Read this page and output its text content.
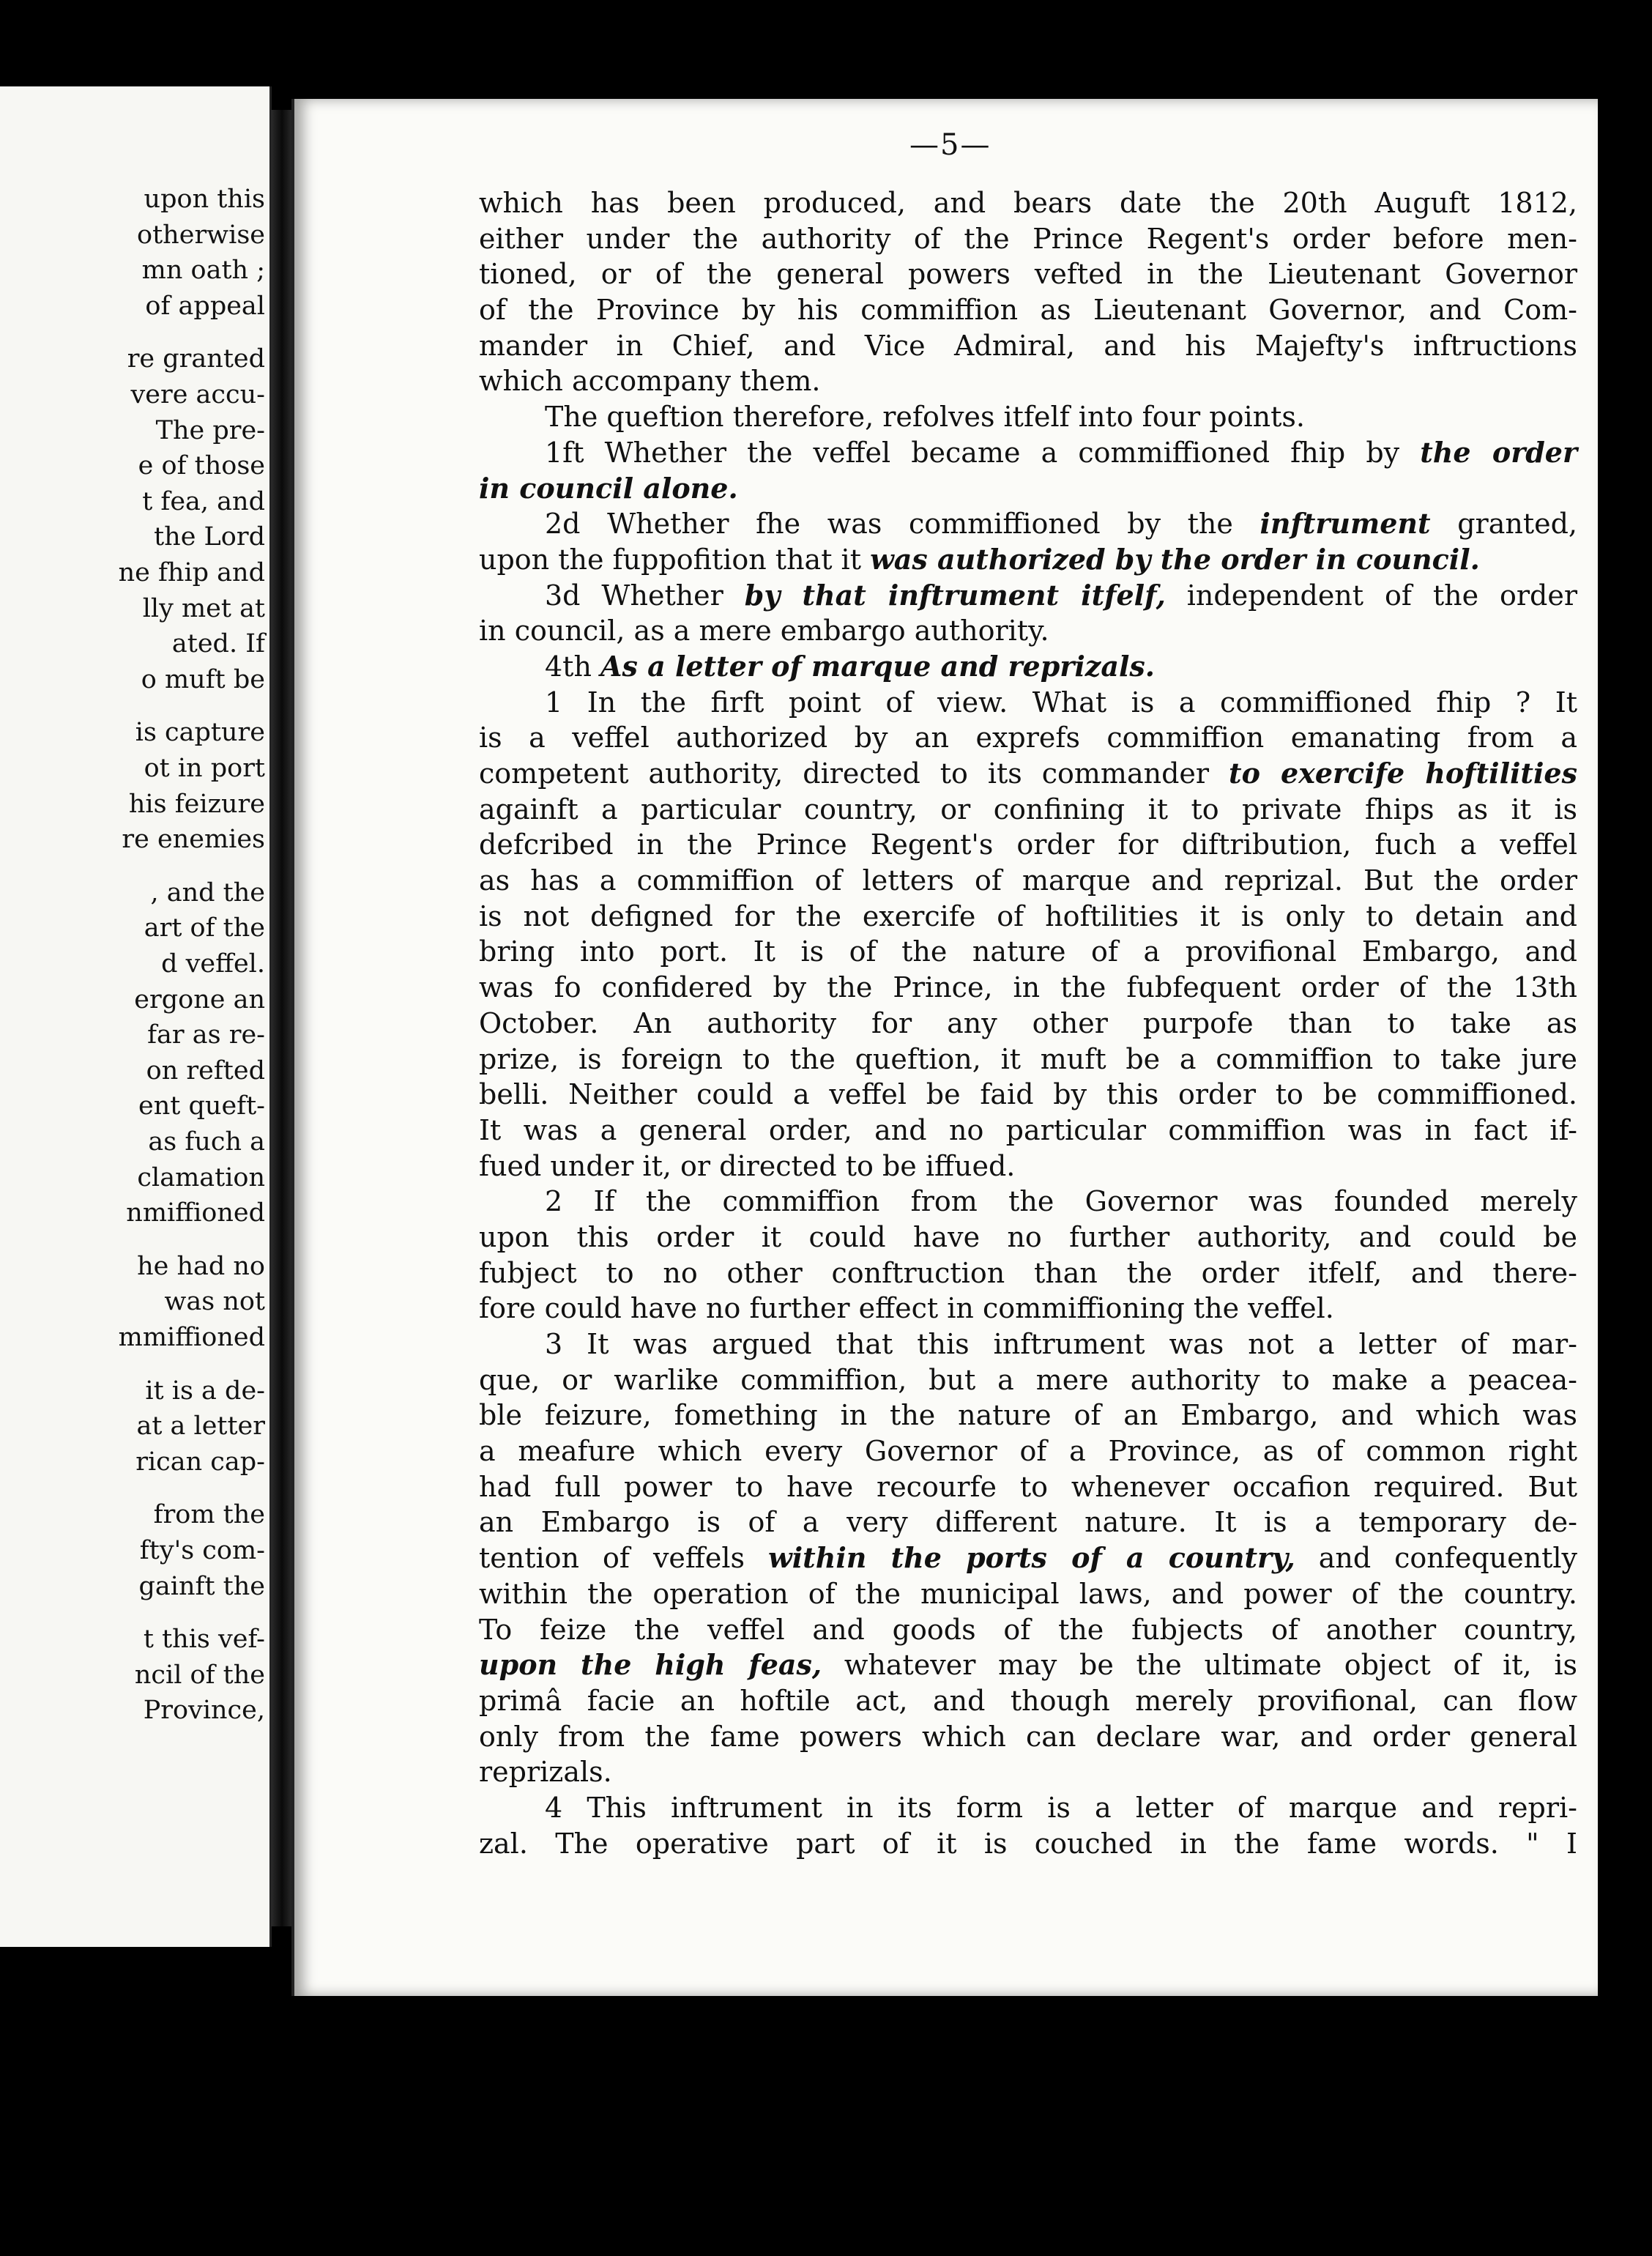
upon this
otherwise
mn oath ;
of appeal
re granted
vere accu-
The pre-
e of those
t fea, and
the Lord
ne fhip and
lly met at
ated. If
o muft be
is capture
ot in port
his feizure
re enemies
, and the
art of the
d veffel.
ergone an
far as re-
on refted
ent queft-
as fuch a
clamation
nmiffioned
he had no
was not
mmiffioned
it is a de-
at a letter
rican cap-
from the
fty's com-
gainft the
t this vef-
ncil of the
Province,
—5—
which has been produced, and bears date the 20th Auguft 1812,
either under the authority of the Prince Regent's order before men-
tioned, or of the general powers vefted in the Lieutenant Governor
of the Province by his commiffion as Lieutenant Governor, and Com-
mander in Chief, and Vice Admiral, and his Majefty's inftructions
which accompany them.
The queftion therefore, refolves itfelf into four points.
1ft Whether the veffel became a commiffioned fhip by the order
in council alone.
2d Whether fhe was commiffioned by the inftrument granted,
upon the fuppofition that it was authorized by the order in council.
3d Whether by that inftrument itfelf, independent of the order
in council, as a mere embargo authority.
4th As a letter of marque and reprizals.
1 In the firft point of view. What is a commiffioned fhip ? It
is a veffel authorized by an exprefs commiffion emanating from a
competent authority, directed to its commander to exercife hoftilities
againft a particular country, or confining it to private fhips as it is
defcribed in the Prince Regent's order for diftribution, fuch a veffel
as has a commiffion of letters of marque and reprizal. But the order
is not defigned for the exercife of hoftilities it is only to detain and
bring into port. It is of the nature of a provifional Embargo, and
was fo confidered by the Prince, in the fubfequent order of the 13th
October. An authority for any other purpofe than to take as
prize, is foreign to the queftion, it muft be a commiffion to take jure
belli. Neither could a veffel be faid by this order to be commiffioned.
It was a general order, and no particular commiffion was in fact if-
fued under it, or directed to be iffued.
2 If the commiffion from the Governor was founded merely
upon this order it could have no further authority, and could be
fubject to no other conftruction than the order itfelf, and there-
fore could have no further effect in commiffioning the veffel.
3 It was argued that this inftrument was not a letter of mar-
que, or warlike commiffion, but a mere authority to make a peacea-
ble feizure, fomething in the nature of an Embargo, and which was
a meafure which every Governor of a Province, as of common right
had full power to have recourfe to whenever occafion required. But
an Embargo is of a very different nature. It is a temporary de-
tention of veffels within the ports of a country, and confequently
within the operation of the municipal laws, and power of the country.
To feize the veffel and goods of the fubjects of another country,
upon the high feas, whatever may be the ultimate object of it, is
primâ facie an hoftile act, and though merely provifional, can flow
only from the fame powers which can declare war, and order general
reprizals.
4 This inftrument in its form is a letter of marque and repri-
zal. The operative part of it is couched in the fame words. " I
